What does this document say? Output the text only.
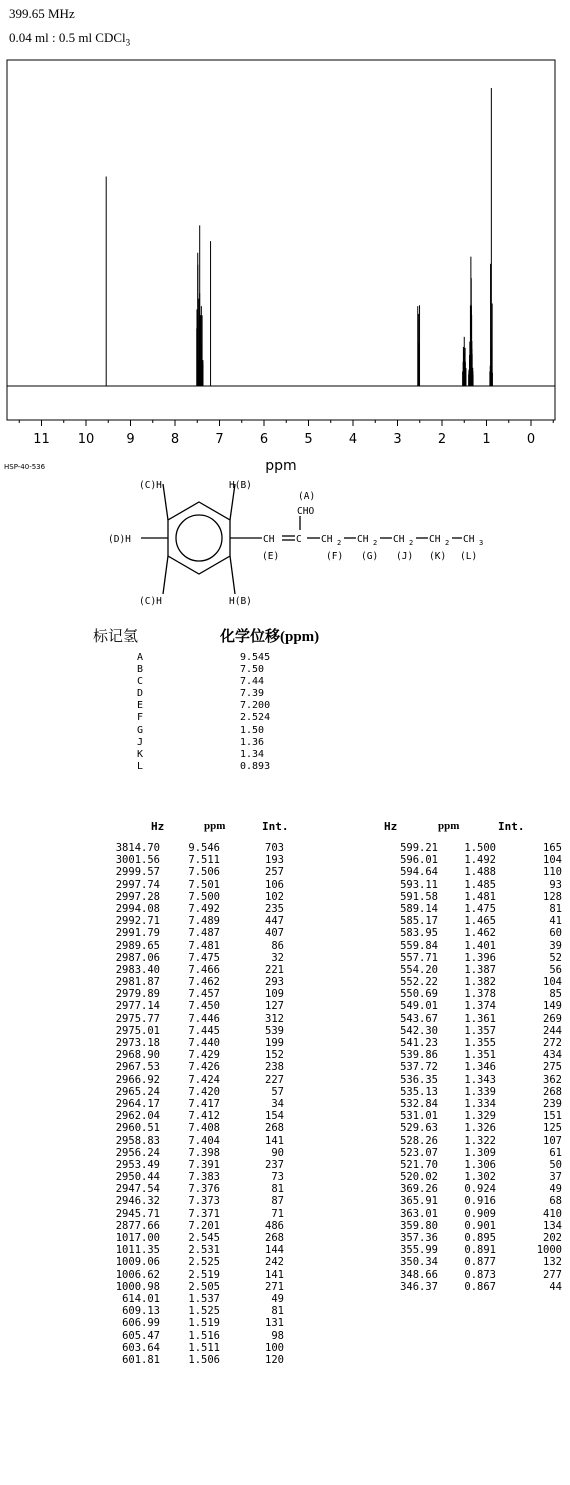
399.65 MHz
0.04 ml : 0.5 ml CDCl$_3$
11 10 9	8	7	6	5	4	3	2	1	0
ppm
HSP-40-536
(C)H	H(B)
(A)
CHO
(D)H	CH C CH 2 CH 2 CH 2 CH 2 CH 3
(E)	(F) (G) (J) (K) (L)
(C)H	H(B)
标记氢	化学位移(ppm)
A	9.545
B	7.50
C	7.44
D	7.39
E	7.200
F	2.524
G	1.50
J	1.36
K	1.34
L	0.893
Hz	ppm	Int.	Hz	ppm	Int.
3814.70	9.546	703
3001.56	7.511	193
2999.57	7.506	257
2997.74	7.501	106
2997.28	7.500	102
2994.08	7.492	235
2992.71	7.489	447
2991.79	7.487	407
2989.65	7.481	86
2987.06	7.475	32
2983.40	7.466	221
2981.87	7.462	293
2979.89	7.457	109
2977.14	7.450	127
2975.77	7.446	312
2975.01	7.445	539
2973.18	7.440	199
2968.90	7.429	152
2967.53	7.426	238
2966.92	7.424	227
2965.24	7.420	57
2964.17	7.417	34
2962.04	7.412	154
2960.51	7.408	268
2958.83	7.404	141
2956.24	7.398	90
2953.49	7.391	237
2950.44	7.383	73
2947.54	7.376	81
2946.32	7.373	87
2945.71	7.371	71
2877.66	7.201	486
1017.00	2.545	268
1011.35	2.531	144
1009.06	2.525	242
1006.62	2.519	141
1000.98	2.505	271
614.01	1.537	49
609.13	1.525	81
606.99	1.519	131
605.47	1.516	98
603.64	1.511	100
601.81	1.506	120
599.21	1.500	165
596.01	1.492	104
594.64	1.488	110
593.11	1.485	93
591.58	1.481	128
589.14	1.475	81
585.17	1.465	41
583.95	1.462	60
559.84	1.401	39
557.71	1.396	52
554.20	1.387	56
552.22	1.382	104
550.69	1.378	85
549.01	1.374	149
543.67	1.361	269
542.30	1.357	244
541.23	1.355	272
539.86	1.351	434
537.72	1.346	275
536.35	1.343	362
535.13	1.339	268
532.84	1.334	239
531.01	1.329	151
529.63	1.326	125
528.26	1.322	107
523.07	1.309	61
521.70	1.306	50
520.02	1.302	37
369.26	0.924	49
365.91	0.916	68
363.01	0.909	410
359.80	0.901	134
357.36	0.895	202
355.99	0.891	1000
350.34	0.877	132
348.66	0.873	277
346.37	0.867	44
